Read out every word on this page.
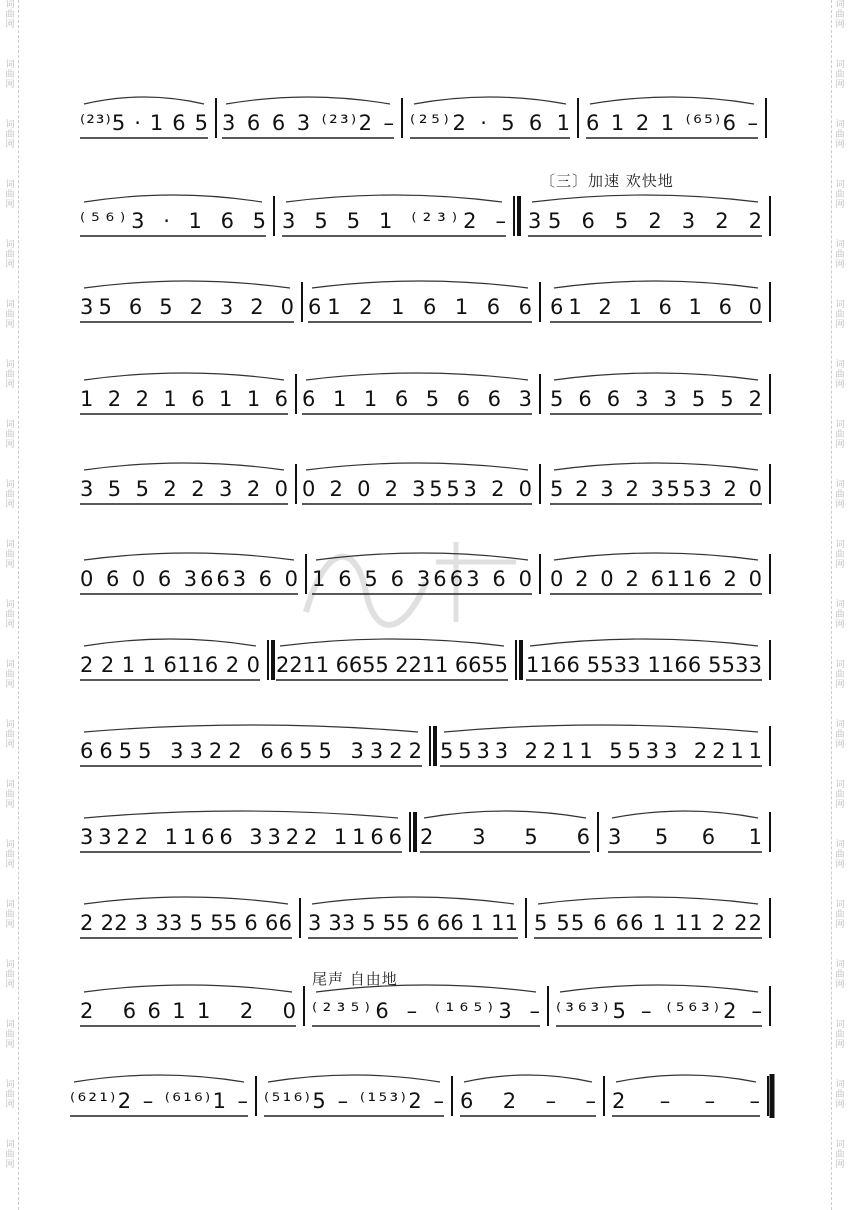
词
曲
网
词
曲
网
词
曲
网
词
曲
网
词
曲
网
词
曲
网
词
曲
网
词
曲
网
词
曲
网
词
曲
网
词
曲
网
词
曲
网
词
曲
网
词
曲
网
词
曲
网
词
曲
网
词
曲
网
词
曲
网
词
曲
网
词
曲
网
词
曲
网
词
曲
网
词
曲
网
词
曲
网
词
曲
网
词
曲
网
词
曲
网
词
曲
网
词
曲
网
词
曲
网
词
曲
网
词
曲
网
词
曲
网
词
曲
网
词
曲
网
词
曲
网
词
曲
网
词
曲
网
词
曲
网
词
曲
网
〔三〕加速 欢快地
尾声 自由地
⁽²³⁾5 · 1 6 5 3 6 6 3 ⁽²³⁾2 – ⁽²⁵⁾2 · 5 6 1 6 1 2 1 ⁽⁶⁵⁾6 –
⁽⁵⁶⁾3 · 1 6 5 3 5 5 1 ⁽²³⁾2 – 35 6 5 2 3 2 2
35 6 5 2 3 2 0 61 2 1 6 1 6 6 61 2 1 6 1 6 0
1 2 2 1 6 1 1 6 6 1 1 6 5 6 6 3 5 6 6 3 3 5 5 2
3 5 5 2 2 3 2 0 0 2 0 2 3553 2 0 5 2 3 2 3553 2 0
0 6 0 6 3663 6 0 1 6 5 6 3663 6 0 0 2 0 2 6116 2 0
2 2 1 1 6116 2 0 2211 6655 2211 6655 1166 5533 1166 5533
6655 3322 6655 3322 5533 2211 5533 2211
3322 1166 3322 1166 2 3 5 6 3 5 6 1
2 22 3 33 5 55 6 66 3 33 5 55 6 66 1 11 5 55 6 66 1 11 2 22
2 6611 2 0 ⁽²³⁵⁾6 – ⁽¹⁶⁵⁾3 – ⁽³⁶³⁾5 – ⁽⁵⁶³⁾2 –
⁽⁶²¹⁾2 – ⁽⁶¹⁶⁾1 – ⁽⁵¹⁶⁾5 – ⁽¹⁵³⁾2 – 6 2 – – 2 – – –
